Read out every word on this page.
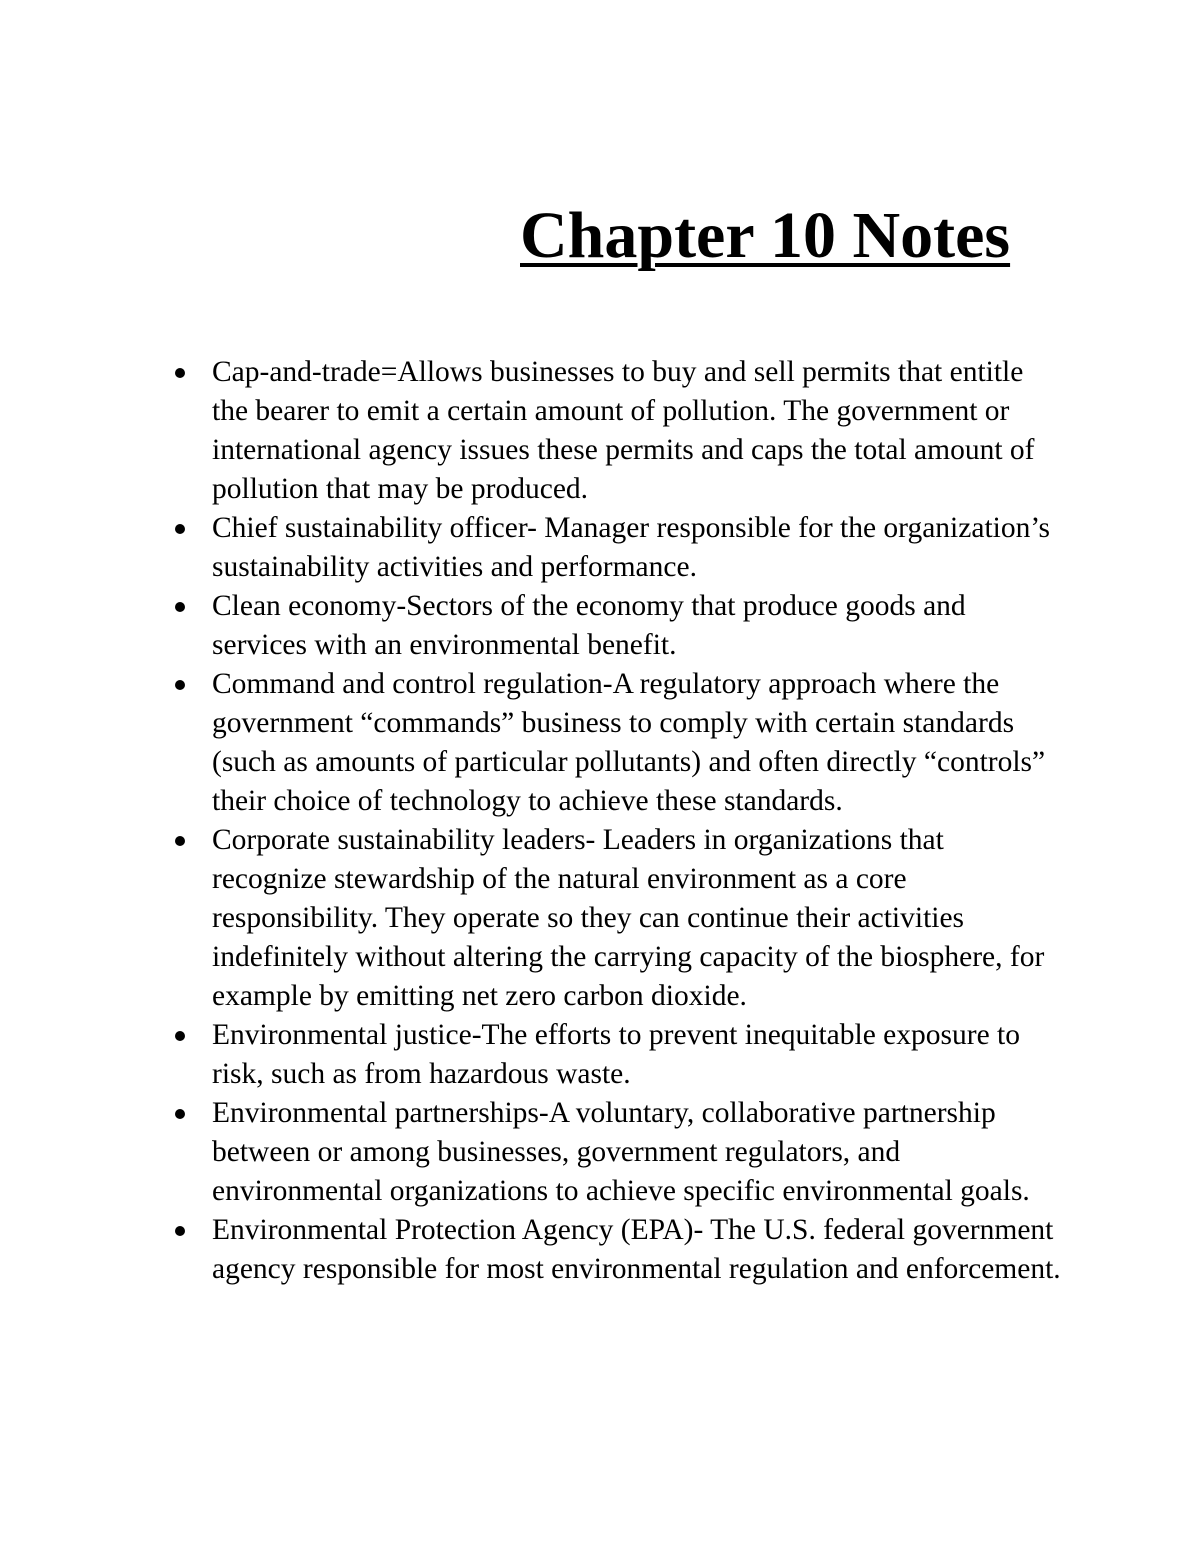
Chapter 10 Notes
Cap-and-trade=Allows businesses to buy and sell permits that entitle the bearer to emit a certain amount of pollution. The government or international agency issues these permits and caps the total amount of pollution that may be produced.
Chief sustainability officer- Manager responsible for the organization’s sustainability activities and performance.
Clean economy-Sectors of the economy that produce goods and services with an environmental benefit.
Command and control regulation-A regulatory approach where the government “commands” business to comply with certain standards (such as amounts of particular pollutants) and often directly “controls” their choice of technology to achieve these standards.
Corporate sustainability leaders- Leaders in organizations that recognize stewardship of the natural environment as a core responsibility. They operate so they can continue their activities indefinitely without altering the carrying capacity of the biosphere, for example by emitting net zero carbon dioxide.
Environmental justice-The efforts to prevent inequitable exposure to risk, such as from hazardous waste.
Environmental partnerships-A voluntary, collaborative partnership between or among businesses, government regulators, and environmental organizations to achieve specific environmental goals.
Environmental Protection Agency (EPA)- The U.S. federal government agency responsible for most environmental regulation and enforcement.
